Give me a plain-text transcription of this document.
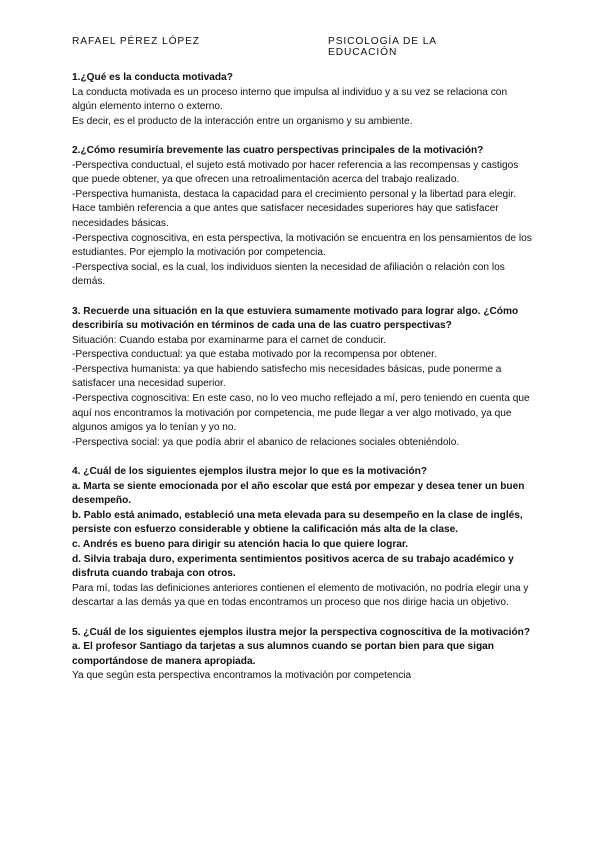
RAFAEL PÉREZ LÓPEZ	PSICOLOGÍA DE LA EDUCACIÓN

1.¿Qué es la conducta motivada?

La conducta motivada es un proceso interno que impulsa al individuo y a su vez se relaciona con algún elemento interno o externo.

Es decir, es el producto de la interacción entre un organismo y su ambiente.

2.¿Cómo resumiría brevemente las cuatro perspectivas principales de la motivación?

-Perspectiva conductual, el sujeto está motivado por hacer referencia a las recompensas y castigos que puede obtener, ya que ofrecen una retroalimentación acerca del trabajo realizado.

-Perspectiva humanista, destaca la capacidad para el crecimiento personal y la libertad para elegir. Hace también referencia a que antes que satisfacer necesidades superiores hay que satisfacer necesidades básicas.

-Perspectiva cognoscitiva, en esta perspectiva, la motivación se encuentra en los pensamientos de los estudiantes. Por ejemplo la motivación por competencia.

-Perspectiva social, es la cual, los individuos sienten la necesidad de afiliación o relación con los demás.

3. Recuerde una situación en la que estuviera sumamente motivado para lograr algo. ¿Cómo describiría su motivación en términos de cada una de las cuatro perspectivas?

Situación: Cuando estaba por examinarme para el carnet de conducir.

-Perspectiva conductual: ya que estaba motivado por la recompensa por obtener.

-Perspectiva humanista: ya que habiendo satisfecho mis necesidades básicas, pude ponerme a satisfacer una necesidad superior.

-Perspectiva cognoscitiva: En este caso, no lo veo mucho reflejado a mí, pero teniendo en cuenta que aquí nos encontramos la motivación por competencia, me pude llegar a ver algo motivado, ya que algunos amigos ya lo tenían y yo no.

-Perspectiva social: ya que podía abrir el abanico de relaciones sociales obteniéndolo.

4. ¿Cuál de los siguientes ejemplos ilustra mejor lo que es la motivación?

a. Marta se siente emocionada por el año escolar que está por empezar y desea tener un buen desempeño.

b. Pablo está animado, estableció una meta elevada para su desempeño en la clase de inglés, persiste con esfuerzo considerable y obtiene la calificación más alta de la clase.

c. Andrés es bueno para dirigir su atención hacia lo que quiere lograr.

d. Silvia trabaja duro, experimenta sentimientos positivos acerca de su trabajo académico y disfruta cuando trabaja con otros.

Para mí, todas las definiciones anteriores contienen el elemento de motivación, no podría elegir una y descartar a las demás ya que en todas encontramos un proceso que nos dirige hacia un objetivo.

5. ¿Cuál de los siguientes ejemplos ilustra mejor la perspectiva cognoscitiva de la motivación?

a. El profesor Santiago da tarjetas a sus alumnos cuando se portan bien para que sigan comportándose de manera apropiada.

Ya que según esta perspectiva encontramos la motivación por competencia
